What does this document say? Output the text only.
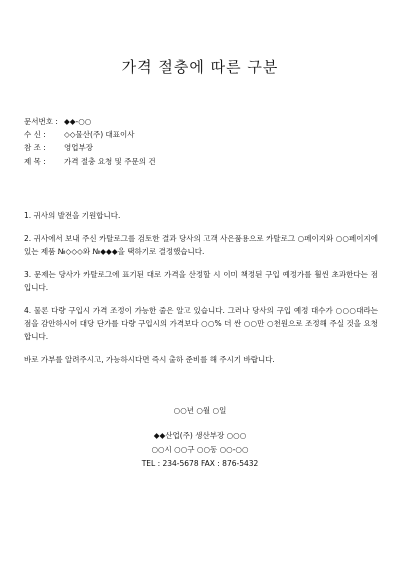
가격 절충에 따른 구분
문서번호 : ◆◆-○○
수 신 : ◇◇물산(주) 대표이사
참 조 : 영업부장
제 목 : 가격 절충 요청 및 주문의 건

1. 귀사의 발전을 기원합니다.

2. 귀사에서 보내 주신 카탈로그를 검토한 결과 당사의 고객 사은품용으로 카탈로그 ○페이지와 ○○페이지에 있는 제품 №◇◇◇와 №◆◆◆을 택하기로 결정했습니다.

3. 문제는 당사가 카탈로그에 표기된 대로 가격을 산정할 시 이미 책정된 구입 예정가를 훨씬 초과한다는 점입니다.

4. 물론 다량 구입시 가격 조정이 가능한 줄은 알고 있습니다. 그러나 당사의 구입 예정 대수가 ○○○대라는 점을 감안하시어 대당 단가를 다량 구입시의 가격보다 ○○% 더 싼 ○○만 ○천원으로 조정해 주실 것을 요청합니다.

바로 가부를 알려주시고, 가능하시다면 즉시 출하 준비를 해 주시기 바랍니다.

○○년 ○월 ○일
◆◆산업(주) 생산부장 ○○○
○○시 ○○구 ○○동 ○○-○○
TEL : 234-5678 FAX : 876-5432
